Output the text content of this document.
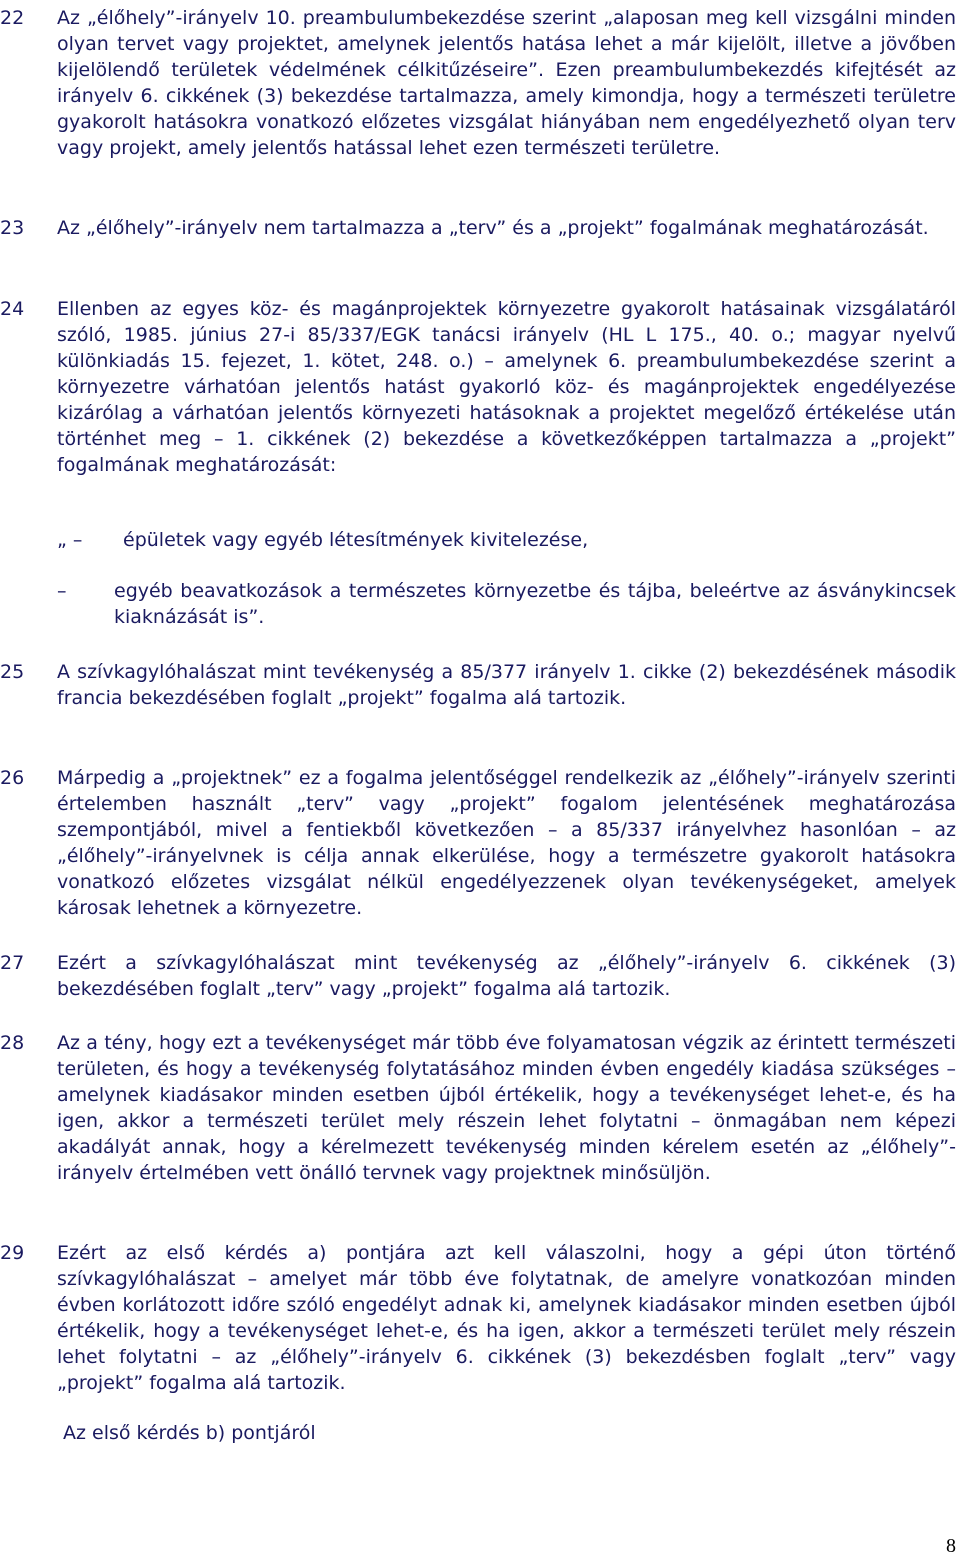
22	Az „élőhely”-irányelv 10. preambulumbekezdése szerint „alaposan meg kell vizsgálni minden olyan tervet vagy projektet, amelynek jelentős hatása lehet a már kijelölt, illetve a jövőben kijelölendő területek védelmének célkitűzéseire”. Ezen preambulumbekezdés kifejtését az irányelv 6. cikkének (3) bekezdése tartalmazza, amely kimondja, hogy a természeti területre gyakorolt hatásokra vonatkozó előzetes vizsgálat hiányában nem engedélyezhető olyan terv vagy projekt, amely jelentős hatással lehet ezen természeti területre.
23	Az „élőhely”-irányelv nem tartalmazza a „terv” és a „projekt” fogalmának meghatározását.
24	Ellenben az egyes köz- és magánprojektek környezetre gyakorolt hatásainak vizsgálatáról szóló, 1985. június 27-i 85/337/EGK tanácsi irányelv (HL L 175., 40. o.; magyar nyelvű különkiadás 15. fejezet, 1. kötet, 248. o.) – amelynek 6. preambulumbekezdése szerint a környezetre várhatóan jelentős hatást gyakorló köz- és magánprojektek engedélyezése kizárólag a várhatóan jelentős környezeti hatásoknak a projektet megelőző értékelése után történhet meg – 1. cikkének (2) bekezdése a következőképpen tartalmazza a „projekt” fogalmának meghatározását:
„ –	épületek vagy egyéb létesítmények kivitelezése,
–	egyéb beavatkozások a természetes környezetbe és tájba, beleértve az ásványkincsek kiaknázását is”.
25	A szívkagylóhalászat mint tevékenység a 85/377 irányelv 1. cikke (2) bekezdésének második francia bekezdésében foglalt „projekt” fogalma alá tartozik.
26	Márpedig a „projektnek” ez a fogalma jelentőséggel rendelkezik az „élőhely”-irányelv szerinti értelemben használt „terv” vagy „projekt” fogalom jelentésének meghatározása szempontjából, mivel a fentiekből következően – a 85/337 irányelvhez hasonlóan – az „élőhely”-irányelvnek is célja annak elkerülése, hogy a természetre gyakorolt hatásokra vonatkozó előzetes vizsgálat nélkül engedélyezzenek olyan tevékenységeket, amelyek károsak lehetnek a környezetre.
27	Ezért a szívkagylóhalászat mint tevékenység az „élőhely”-irányelv 6. cikkének (3) bekezdésében foglalt „terv” vagy „projekt” fogalma alá tartozik.
28	Az a tény, hogy ezt a tevékenységet már több éve folyamatosan végzik az érintett természeti területen, és hogy a tevékenység folytatásához minden évben engedély kiadása szükséges – amelynek kiadásakor minden esetben újból értékelik, hogy a tevékenységet lehet-e, és ha igen, akkor a természeti terület mely részein lehet folytatni – önmagában nem képezi akadályát annak, hogy a kérelmezett tevékenység minden kérelem esetén az „élőhely”-irányelv értelmében vett önálló tervnek vagy projektnek minősüljön.
29	Ezért az első kérdés a) pontjára azt kell válaszolni, hogy a gépi úton történő szívkagylóhalászat – amelyet már több éve folytatnak, de amelyre vonatkozóan minden évben korlátozott időre szóló engedélyt adnak ki, amelynek kiadásakor minden esetben újból értékelik, hogy a tevékenységet lehet-e, és ha igen, akkor a természeti terület mely részein lehet folytatni – az „élőhely”-irányelv 6. cikkének (3) bekezdésben foglalt „terv” vagy „projekt” fogalma alá tartozik.
Az első kérdés b) pontjáról
8
